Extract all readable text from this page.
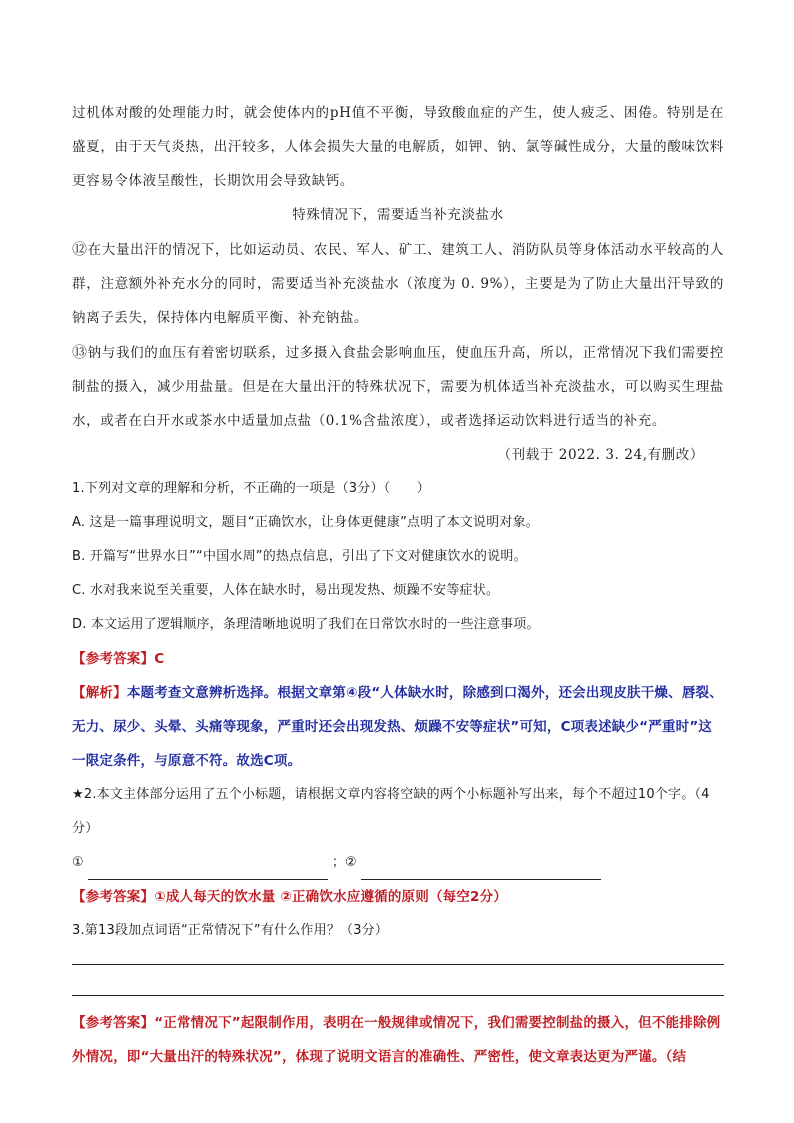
过机体对酸的处理能力时，就会使体内的pH值不平衡，导致酸血症的产生，使人疲乏、困倦。特别是在盛夏，由于天气炎热，出汗较多，人体会损失大量的电解质，如钾、钠、氯等碱性成分，大量的酸味饮料更容易令体液呈酸性，长期饮用会导致缺钙。

特殊情况下，需要适当补充淡盐水

⑫在大量出汗的情况下，比如运动员、农民、军人、矿工、建筑工人、消防队员等身体活动水平较高的人群，注意额外补充水分的同时，需要适当补充淡盐水（浓度为 0. 9%），主要是为了防止大量出汗导致的钠离子丢失，保持体内电解质平衡、补充钠盐。

⑬钠与我们的血压有着密切联系，过多摄入食盐会影响血压，使血压升高，所以，正常情况下我们需要控制盐的摄入，减少用盐量。但是在大量出汗的特殊状况下，需要为机体适当补充淡盐水，可以购买生理盐水，或者在白开水或茶水中适量加点盐（0.1%含盐浓度），或者选择运动饮料进行适当的补充。

（刊载于 2022. 3. 24,有删改）

1.下列对文章的理解和分析，不正确的一项是（3分）（　　）

A. 这是一篇事理说明文，题目“正确饮水，让身体更健康”点明了本文说明对象。

B. 开篇写“世界水日”“中国水周”的热点信息，引出了下文对健康饮水的说明。

C. 水对我来说至关重要，人体在缺水时，易出现发热、烦躁不安等症状。

D. 本文运用了逻辑顺序，条理清晰地说明了我们在日常饮水时的一些注意事项。

【参考答案】C

【解析】本题考查文意辨析选择。根据文章第④段“人体缺水时，除感到口渴外，还会出现皮肤干燥、唇裂、无力、尿少、头晕、头痛等现象，严重时还会出现发热、烦躁不安等症状”可知，C项表述缺少“严重时”这一限定条件，与原意不符。故选C项。

★2.本文主体部分运用了五个小标题，请根据文章内容将空缺的两个小标题补写出来，每个不超过10个字。（4分）

①	；②

【参考答案】①成人每天的饮水量 ②正确饮水应遵循的原则（每空2分）

3.第13段加点词语“正常情况下”有什么作用？（3分）

【参考答案】“正常情况下”起限制作用，表明在一般规律或情况下，我们需要控制盐的摄入，但不能排除例外情况，即“大量出汗的特殊状况”，体现了说明文语言的准确性、严密性，使文章表达更为严谨。（结
